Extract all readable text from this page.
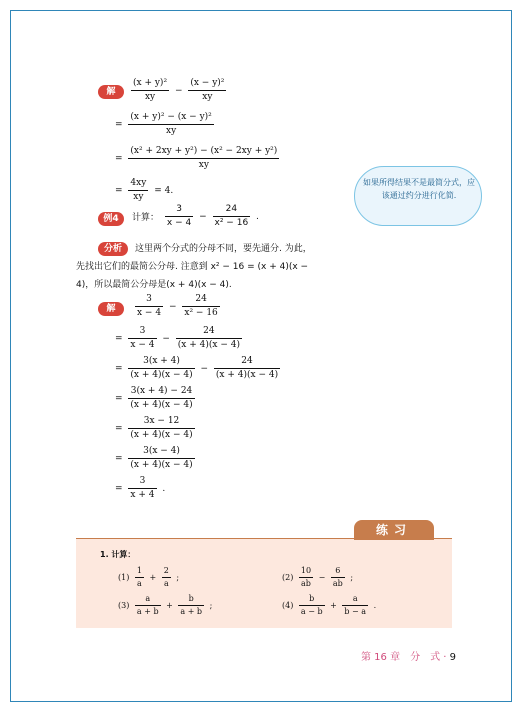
解	$\frac{\text{(x + y)²}}{xy} - \frac{\text{(x − y)²}}{xy}$
= $\frac{\text{(x + y)² − (x − y)²}}{xy}$
= $\frac{\text{(x² + 2xy + y²) − (x² − 2xy + y²)}}{xy}$
= $\frac{4xy}{xy} = 4$.
如果所得结果不是最简分式，应该通过约分进行化简.
例4	计算： $\frac{3}{x - 4} - \frac{24}{\text{x² − 16}}$ .
分析	这里两个分式的分母不同，要先通分. 为此，
先找出它们的最简公分母. 注意到 x² − 16 = (x + 4)(x −
4)，所以最简公分母是(x + 4)(x − 4).
解	$\frac{3}{x - 4} - \frac{24}{\text{x² − 16}}$
= $\frac{3}{x - 4} - \frac{24}{(x + 4)(x - 4)}$
= $\frac{3(x + 4)}{(x + 4)(x - 4)} - \frac{24}{(x + 4)(x - 4)}$
= $\frac{3(x + 4) - 24}{(x + 4)(x - 4)}$
= $\frac{3x - 12}{(x + 4)(x - 4)}$
= $\frac{3(x - 4)}{(x + 4)(x - 4)}$
= $\frac{3}{x + 4}$ .
练习
1. 计算：
$(1) \frac{1}{a} + \frac{2}{a}$ ;	$(2) \frac{10}{ab} - \frac{6}{ab}$ ;
$(3) \frac{a}{a + b} + \frac{b}{a + b}$ ;	$(4) \frac{b}{a - b} + \frac{a}{b - a}$ .
第 16 章　分　式 · 9
